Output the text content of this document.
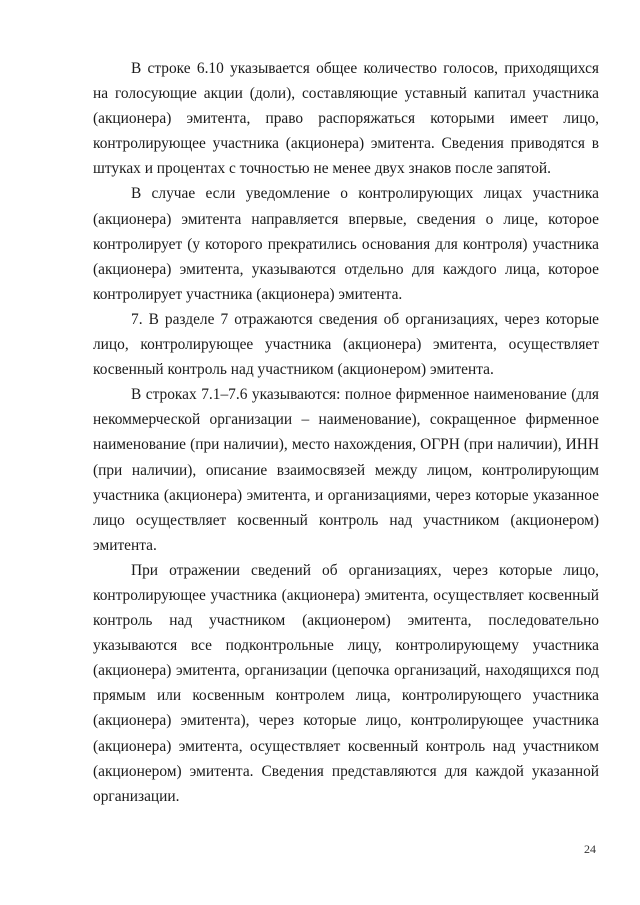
В строке 6.10 указывается общее количество голосов, приходящихся на голосующие акции (доли), составляющие уставный капитал участника (акционера) эмитента, право распоряжаться которыми имеет лицо, контролирующее участника (акционера) эмитента. Сведения приводятся в штуках и процентах с точностью не менее двух знаков после запятой.

В случае если уведомление о контролирующих лицах участника (акционера) эмитента направляется впервые, сведения о лице, которое контролирует (у которого прекратились основания для контроля) участника (акционера) эмитента, указываются отдельно для каждого лица, которое контролирует участника (акционера) эмитента.

7. В разделе 7 отражаются сведения об организациях, через которые лицо, контролирующее участника (акционера) эмитента, осуществляет косвенный контроль над участником (акционером) эмитента.

В строках 7.1–7.6 указываются: полное фирменное наименование (для некоммерческой организации – наименование), сокращенное фирменное наименование (при наличии), место нахождения, ОГРН (при наличии), ИНН (при наличии), описание взаимосвязей между лицом, контролирующим участника (акционера) эмитента, и организациями, через которые указанное лицо осуществляет косвенный контроль над участником (акционером) эмитента.

При отражении сведений об организациях, через которые лицо, контролирующее участника (акционера) эмитента, осуществляет косвенный контроль над участником (акционером) эмитента, последовательно указываются все подконтрольные лицу, контролирующему участника (акционера) эмитента, организации (цепочка организаций, находящихся под прямым или косвенным контролем лица, контролирующего участника (акционера) эмитента), через которые лицо, контролирующее участника (акционера) эмитента, осуществляет косвенный контроль над участником (акционером) эмитента. Сведения представляются для каждой указанной организации.

24
